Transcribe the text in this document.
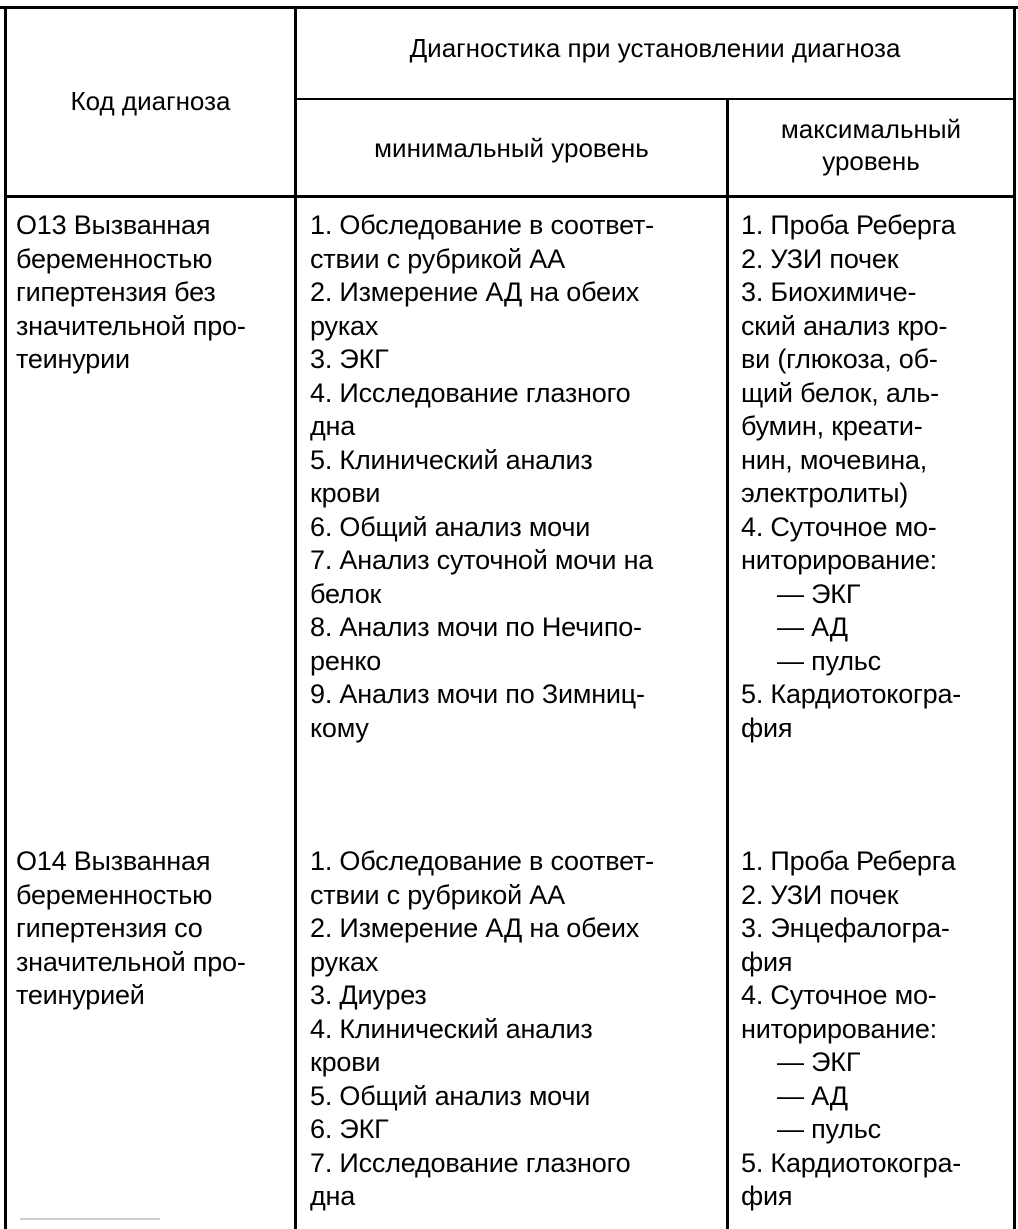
Код диагноза
Диагностика при установлении диагноза
минимальный уровень
максимальный
уровень
О13 Вызванная
беременностью
гипертензия без
значительной про-
теинурии
1. Обследование в соответ-
ствии с рубрикой АА
2. Измерение АД на обеих
руках
3. ЭКГ
4. Исследование глазного
дна
5. Клинический анализ
крови
6. Общий анализ мочи
7. Анализ суточной мочи на
белок
8. Анализ мочи по Нечипо-
ренко
9. Анализ мочи по Зимниц-
кому
1. Проба Реберга
2. УЗИ почек
3. Биохимиче-
ский анализ кро-
ви (глюкоза, об-
щий белок, аль-
бумин, креати-
нин, мочевина,
электролиты)
4. Суточное мо-
ниторирование:
— ЭКГ
— АД
— пульс
5. Кардиотокогра-
фия
О14 Вызванная
беременностью
гипертензия со
значительной про-
теинурией
1. Обследование в соответ-
ствии с рубрикой АА
2. Измерение АД на обеих
руках
3. Диурез
4. Клинический анализ
крови
5. Общий анализ мочи
6. ЭКГ
7. Исследование глазного
дна
1. Проба Реберга
2. УЗИ почек
3. Энцефалогра-
фия
4. Суточное мо-
ниторирование:
— ЭКГ
— АД
— пульс
5. Кардиотокогра-
фия
